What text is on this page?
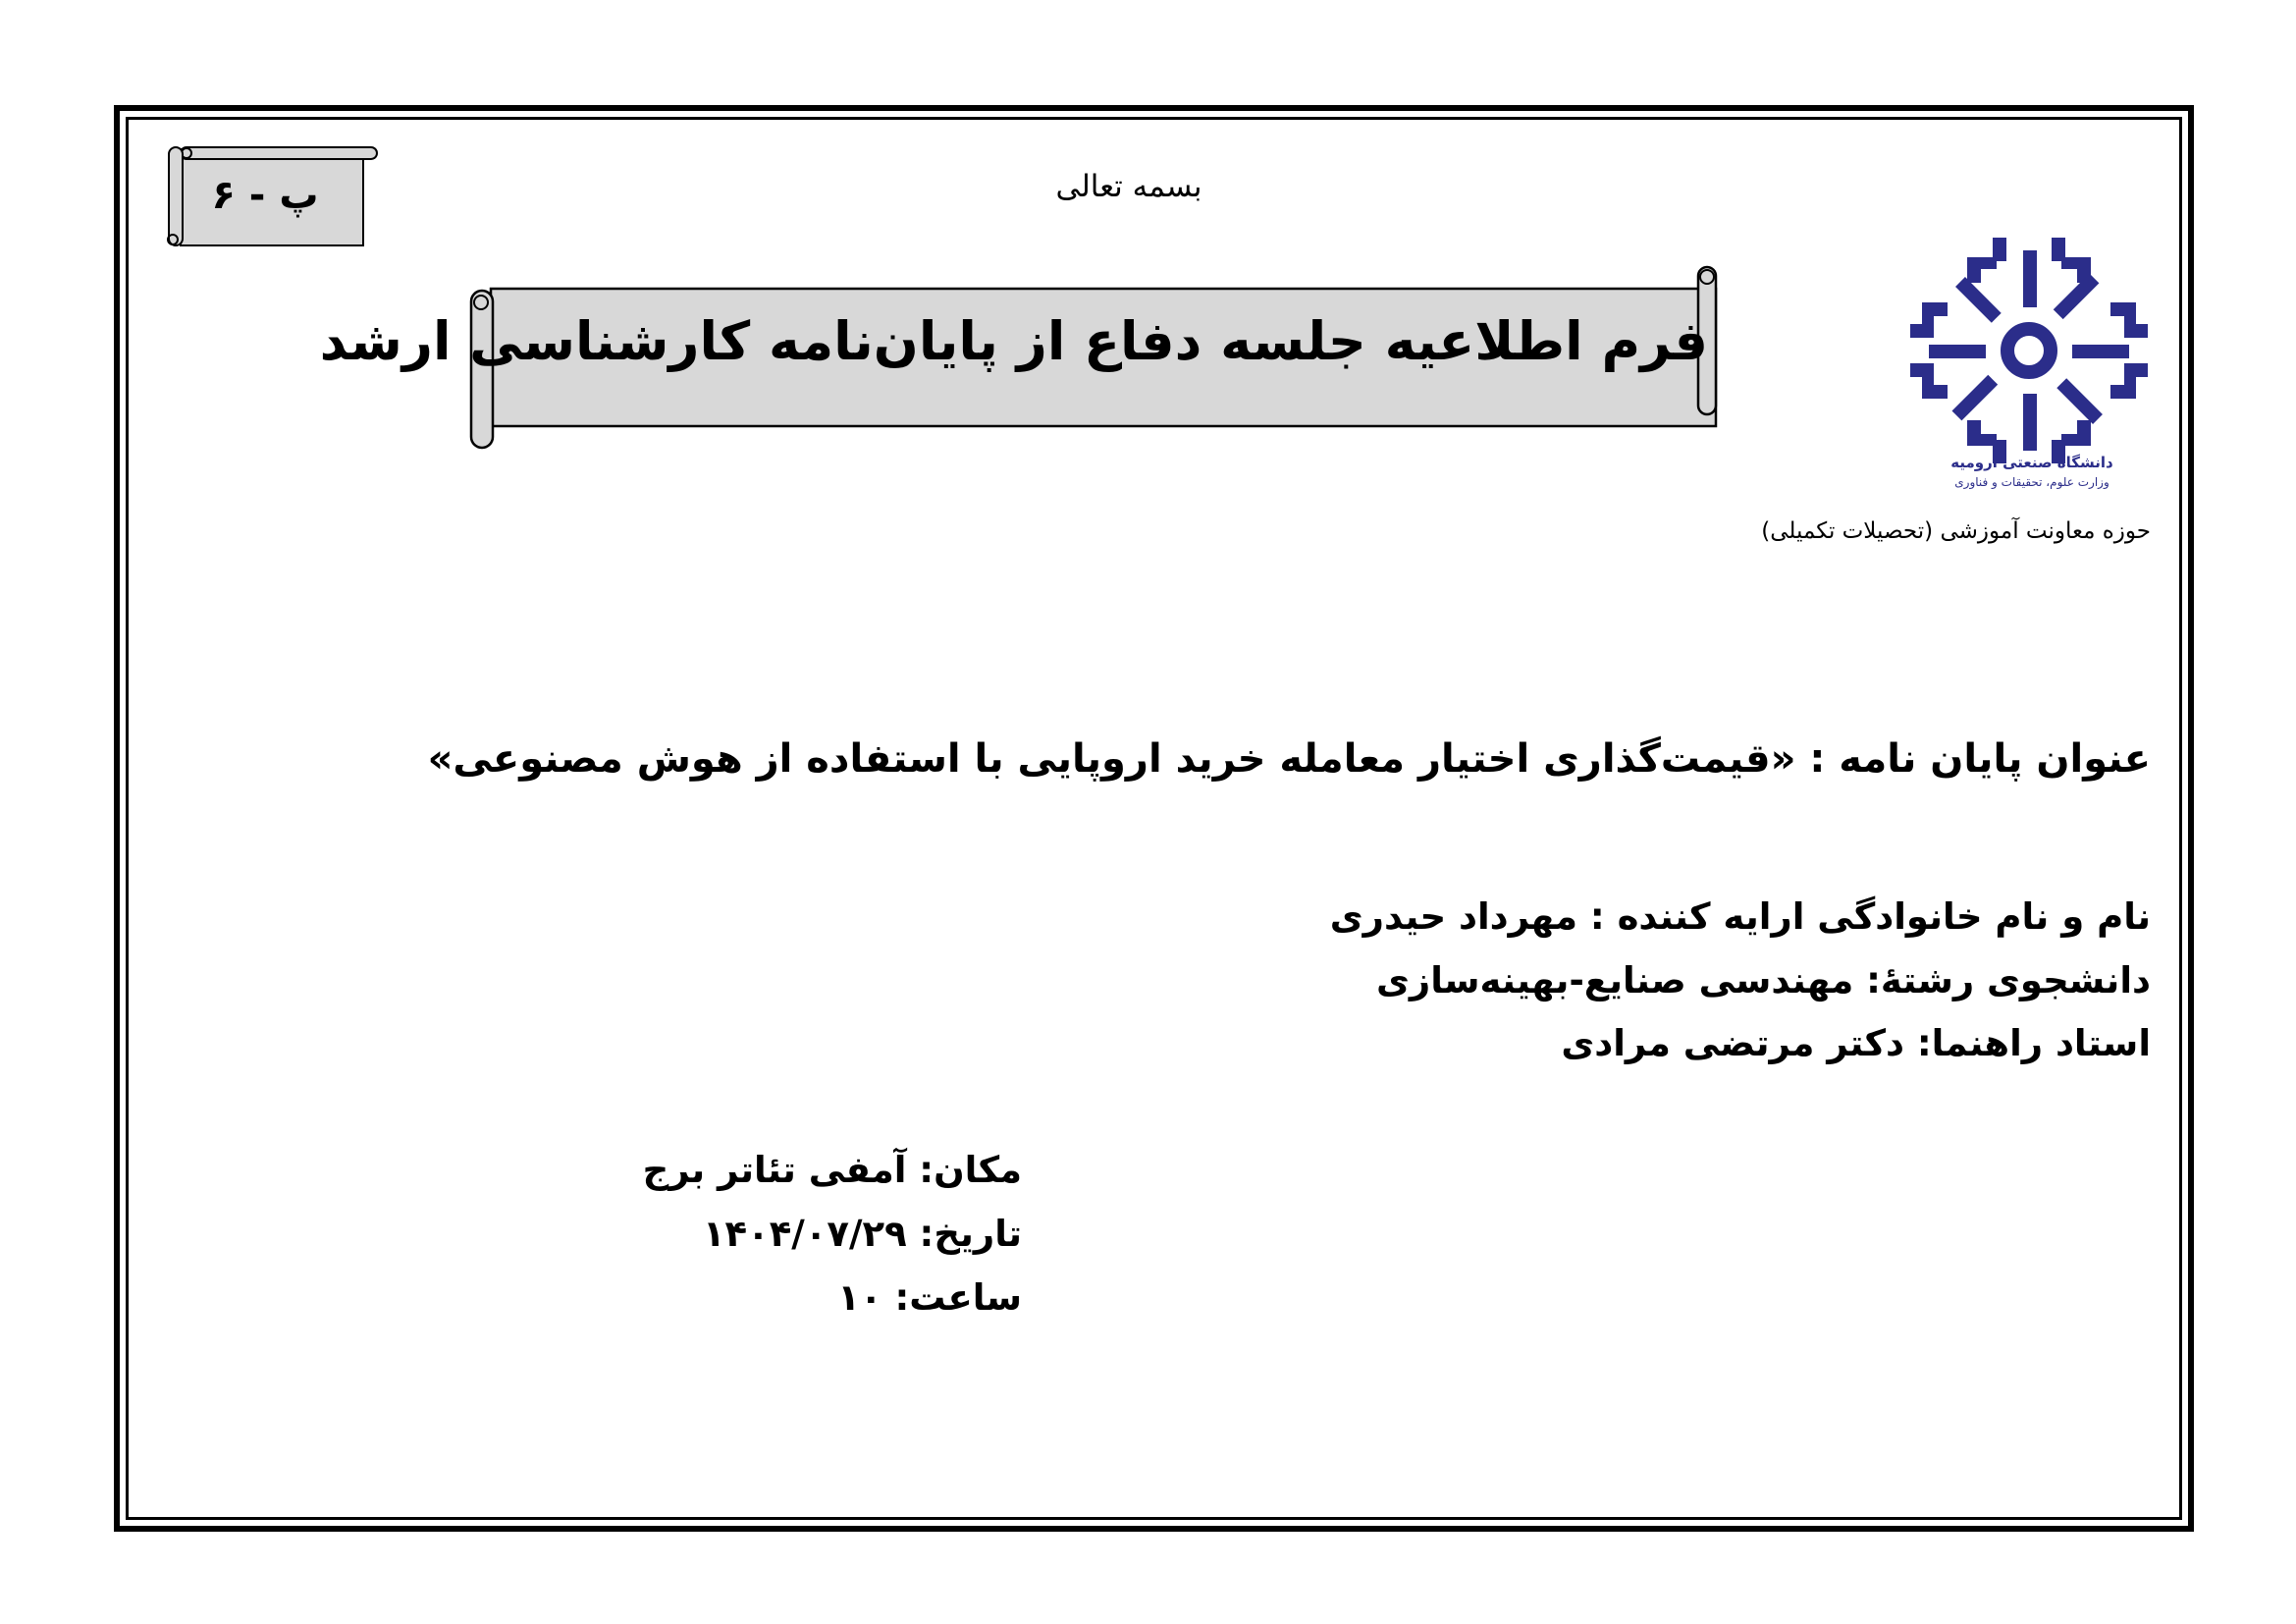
دانشگاه صنعتی ارومیه
وزارت علوم، تحقیقات و فناوری
بسمه تعالی
پ - ۶
فرم اطلاعیه جلسه دفاع از پایان‌نامه کارشناسی ارشد
حوزه معاونت آموزشی (تحصیلات تکمیلی)
عنوان پایان نامه : «قیمت‌گذاری اختیار معامله خرید اروپایی با استفاده از هوش مصنوعی»
نام و نام خانوادگی ارایه کننده : مهرداد حیدری
دانشجوی رشتهٔ: مهندسی صنایع-بهینه‌سازی
استاد راهنما: دکتر مرتضی مرادی
مکان: آمفی تئاتر برج
تاریخ: ۱۴۰۴/۰۷/۲۹
ساعت: ۱۰
